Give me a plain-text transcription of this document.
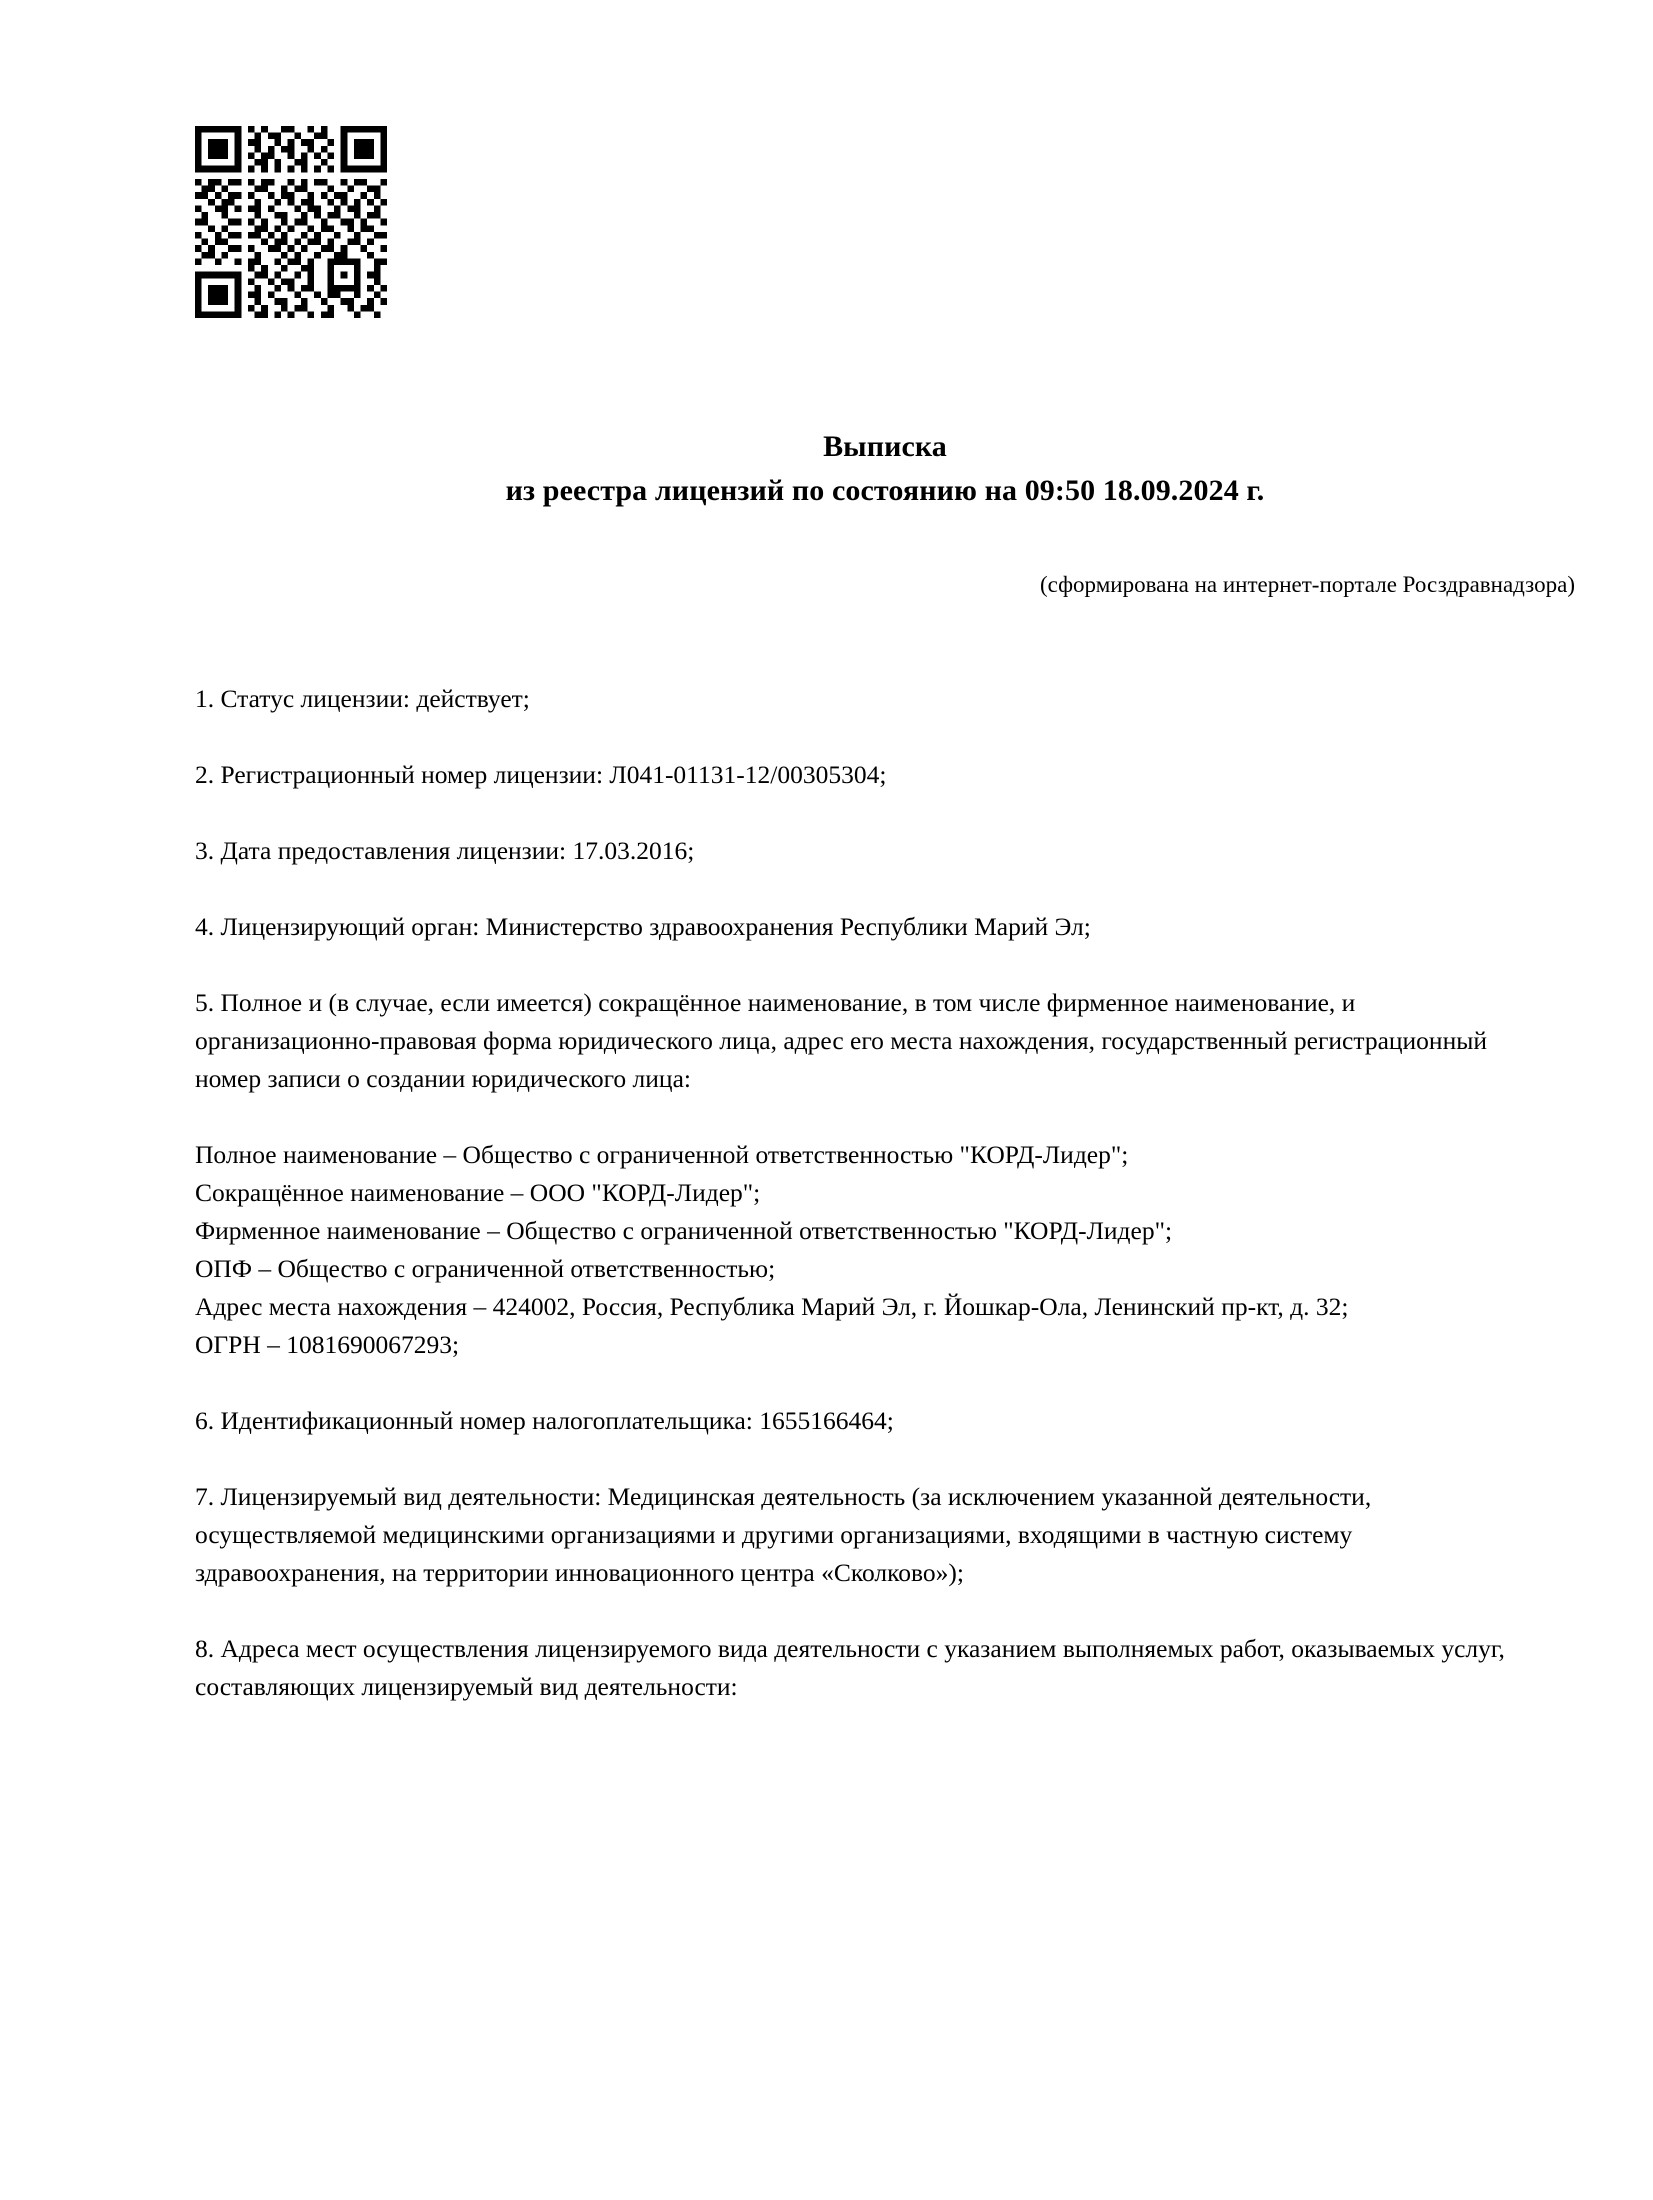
Выписка
из реестра лицензий по состоянию на 09:50 18.09.2024 г.
(сформирована на интернет-портале Росздравнадзора)

1. Статус лицензии: действует;

2. Регистрационный номер лицензии: Л041-01131-12/00305304;

3. Дата предоставления лицензии: 17.03.2016;

4. Лицензирующий орган: Министерство здравоохранения Республики Марий Эл;

5. Полное и (в случае, если имеется) сокращённое наименование, в том числе фирменное наименование, и организационно-правовая форма юридического лица, адрес его места нахождения, государственный регистрационный номер записи о создании юридического лица:

Полное наименование – Общество с ограниченной ответственностью "КОРД-Лидер";

Сокращённое наименование – ООО "КОРД-Лидер";

Фирменное наименование – Общество с ограниченной ответственностью "КОРД-Лидер";

ОПФ – Общество с ограниченной ответственностью;

Адрес места нахождения – 424002, Россия, Республика Марий Эл, г. Йошкар-Ола, Ленинский пр-кт, д. 32;

ОГРН – 1081690067293;

6. Идентификационный номер налогоплательщика: 1655166464;

7. Лицензируемый вид деятельности: Медицинская деятельность (за исключением указанной деятельности, осуществляемой медицинскими организациями и другими организациями, входящими в частную систему здравоохранения, на территории инновационного центра «Сколково»);

8. Адреса мест осуществления лицензируемого вида деятельности с указанием выполняемых работ, оказываемых услуг, составляющих лицензируемый вид деятельности:
